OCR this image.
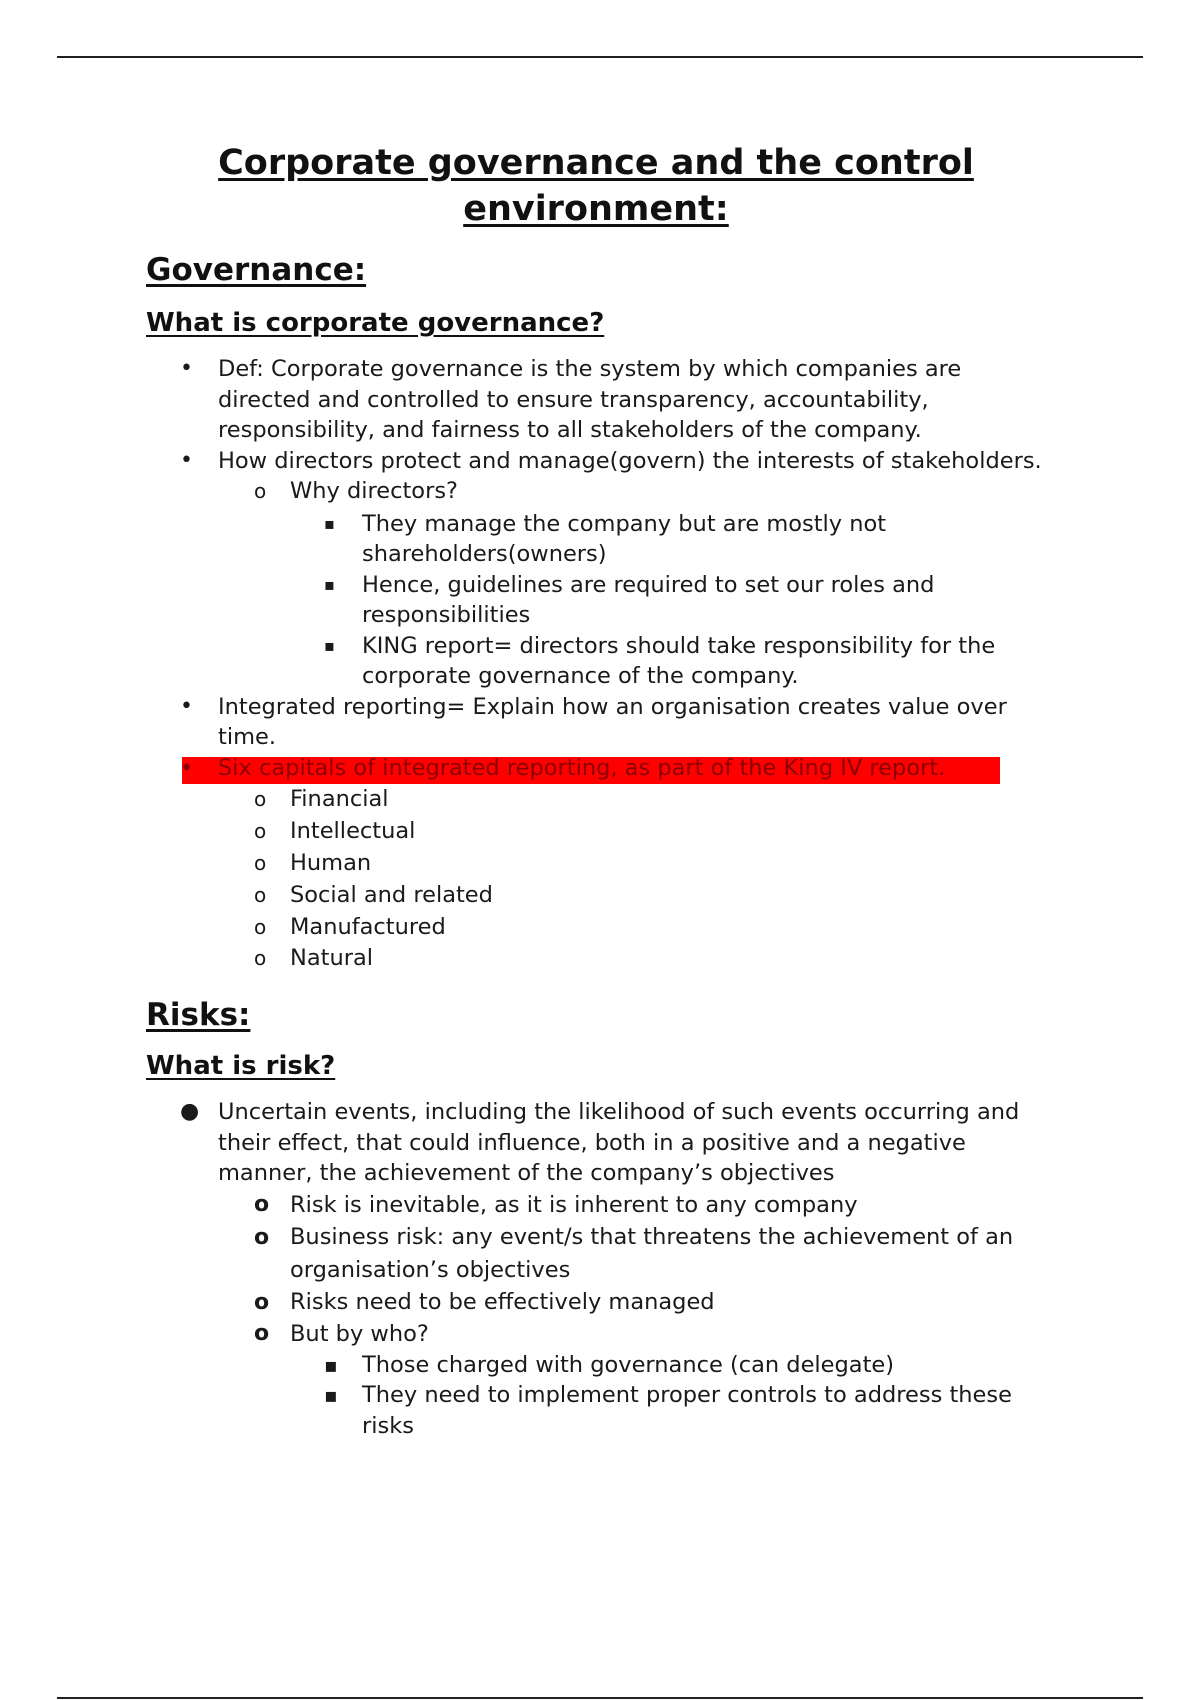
Corporate governance and the control environment:
Governance:
What is corporate governance?
• Def: Corporate governance is the system by which companies are directed and controlled to ensure transparency, accountability, responsibility, and fairness to all stakeholders of the company.
• How directors protect and manage(govern) the interests of stakeholders.
o Why directors?
▪ They manage the company but are mostly not shareholders(owners)
▪ Hence, guidelines are required to set our roles and responsibilities
▪ KING report= directors should take responsibility for the corporate governance of the company.
• Integrated reporting= Explain how an organisation creates value over time.
• Six capitals of integrated reporting, as part of the King IV report.
o Financial
o Intellectual
o Human
o Social and related
o Manufactured
o Natural
Risks:
What is risk?
● Uncertain events, including the likelihood of such events occurring and their effect, that could influence, both in a positive and a negative manner, the achievement of the company’s objectives
o Risk is inevitable, as it is inherent to any company
o Business risk: any event/s that threatens the achievement of an organisation’s objectives
o Risks need to be effectively managed
o But by who?
▪ Those charged with governance (can delegate)
▪ They need to implement proper controls to address these risks
